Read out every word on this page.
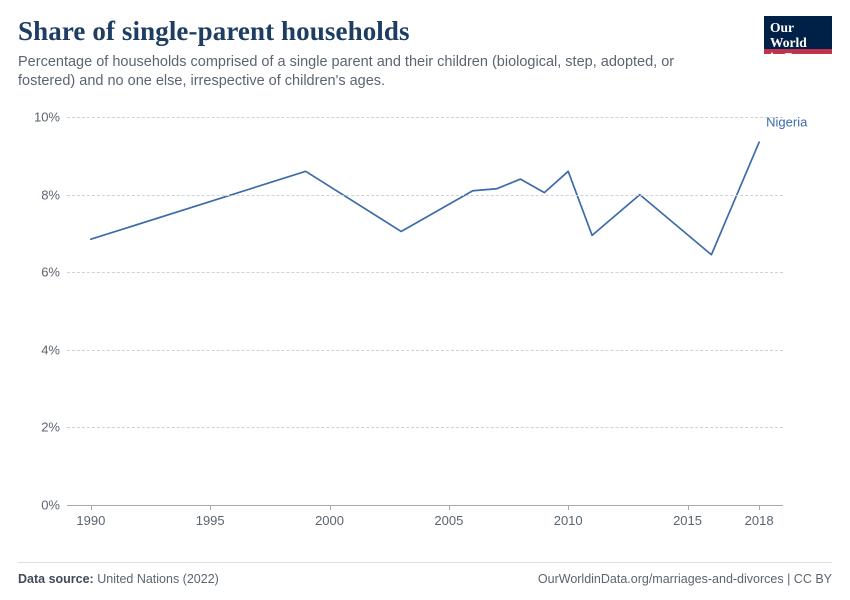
Share of single-parent households

Percentage of households comprised of a single parent and their children (biological, step, adopted, or fostered) and no one else, irrespective of children's ages.

Our World
in Data
0%
2%
4%
6%
8%
10%
1990	1995	2000	2005	2010	2015	2018
Nigeria
Data source: United Nations (2022)	OurWorldinData.org/marriages-and-divorces | CC BY
